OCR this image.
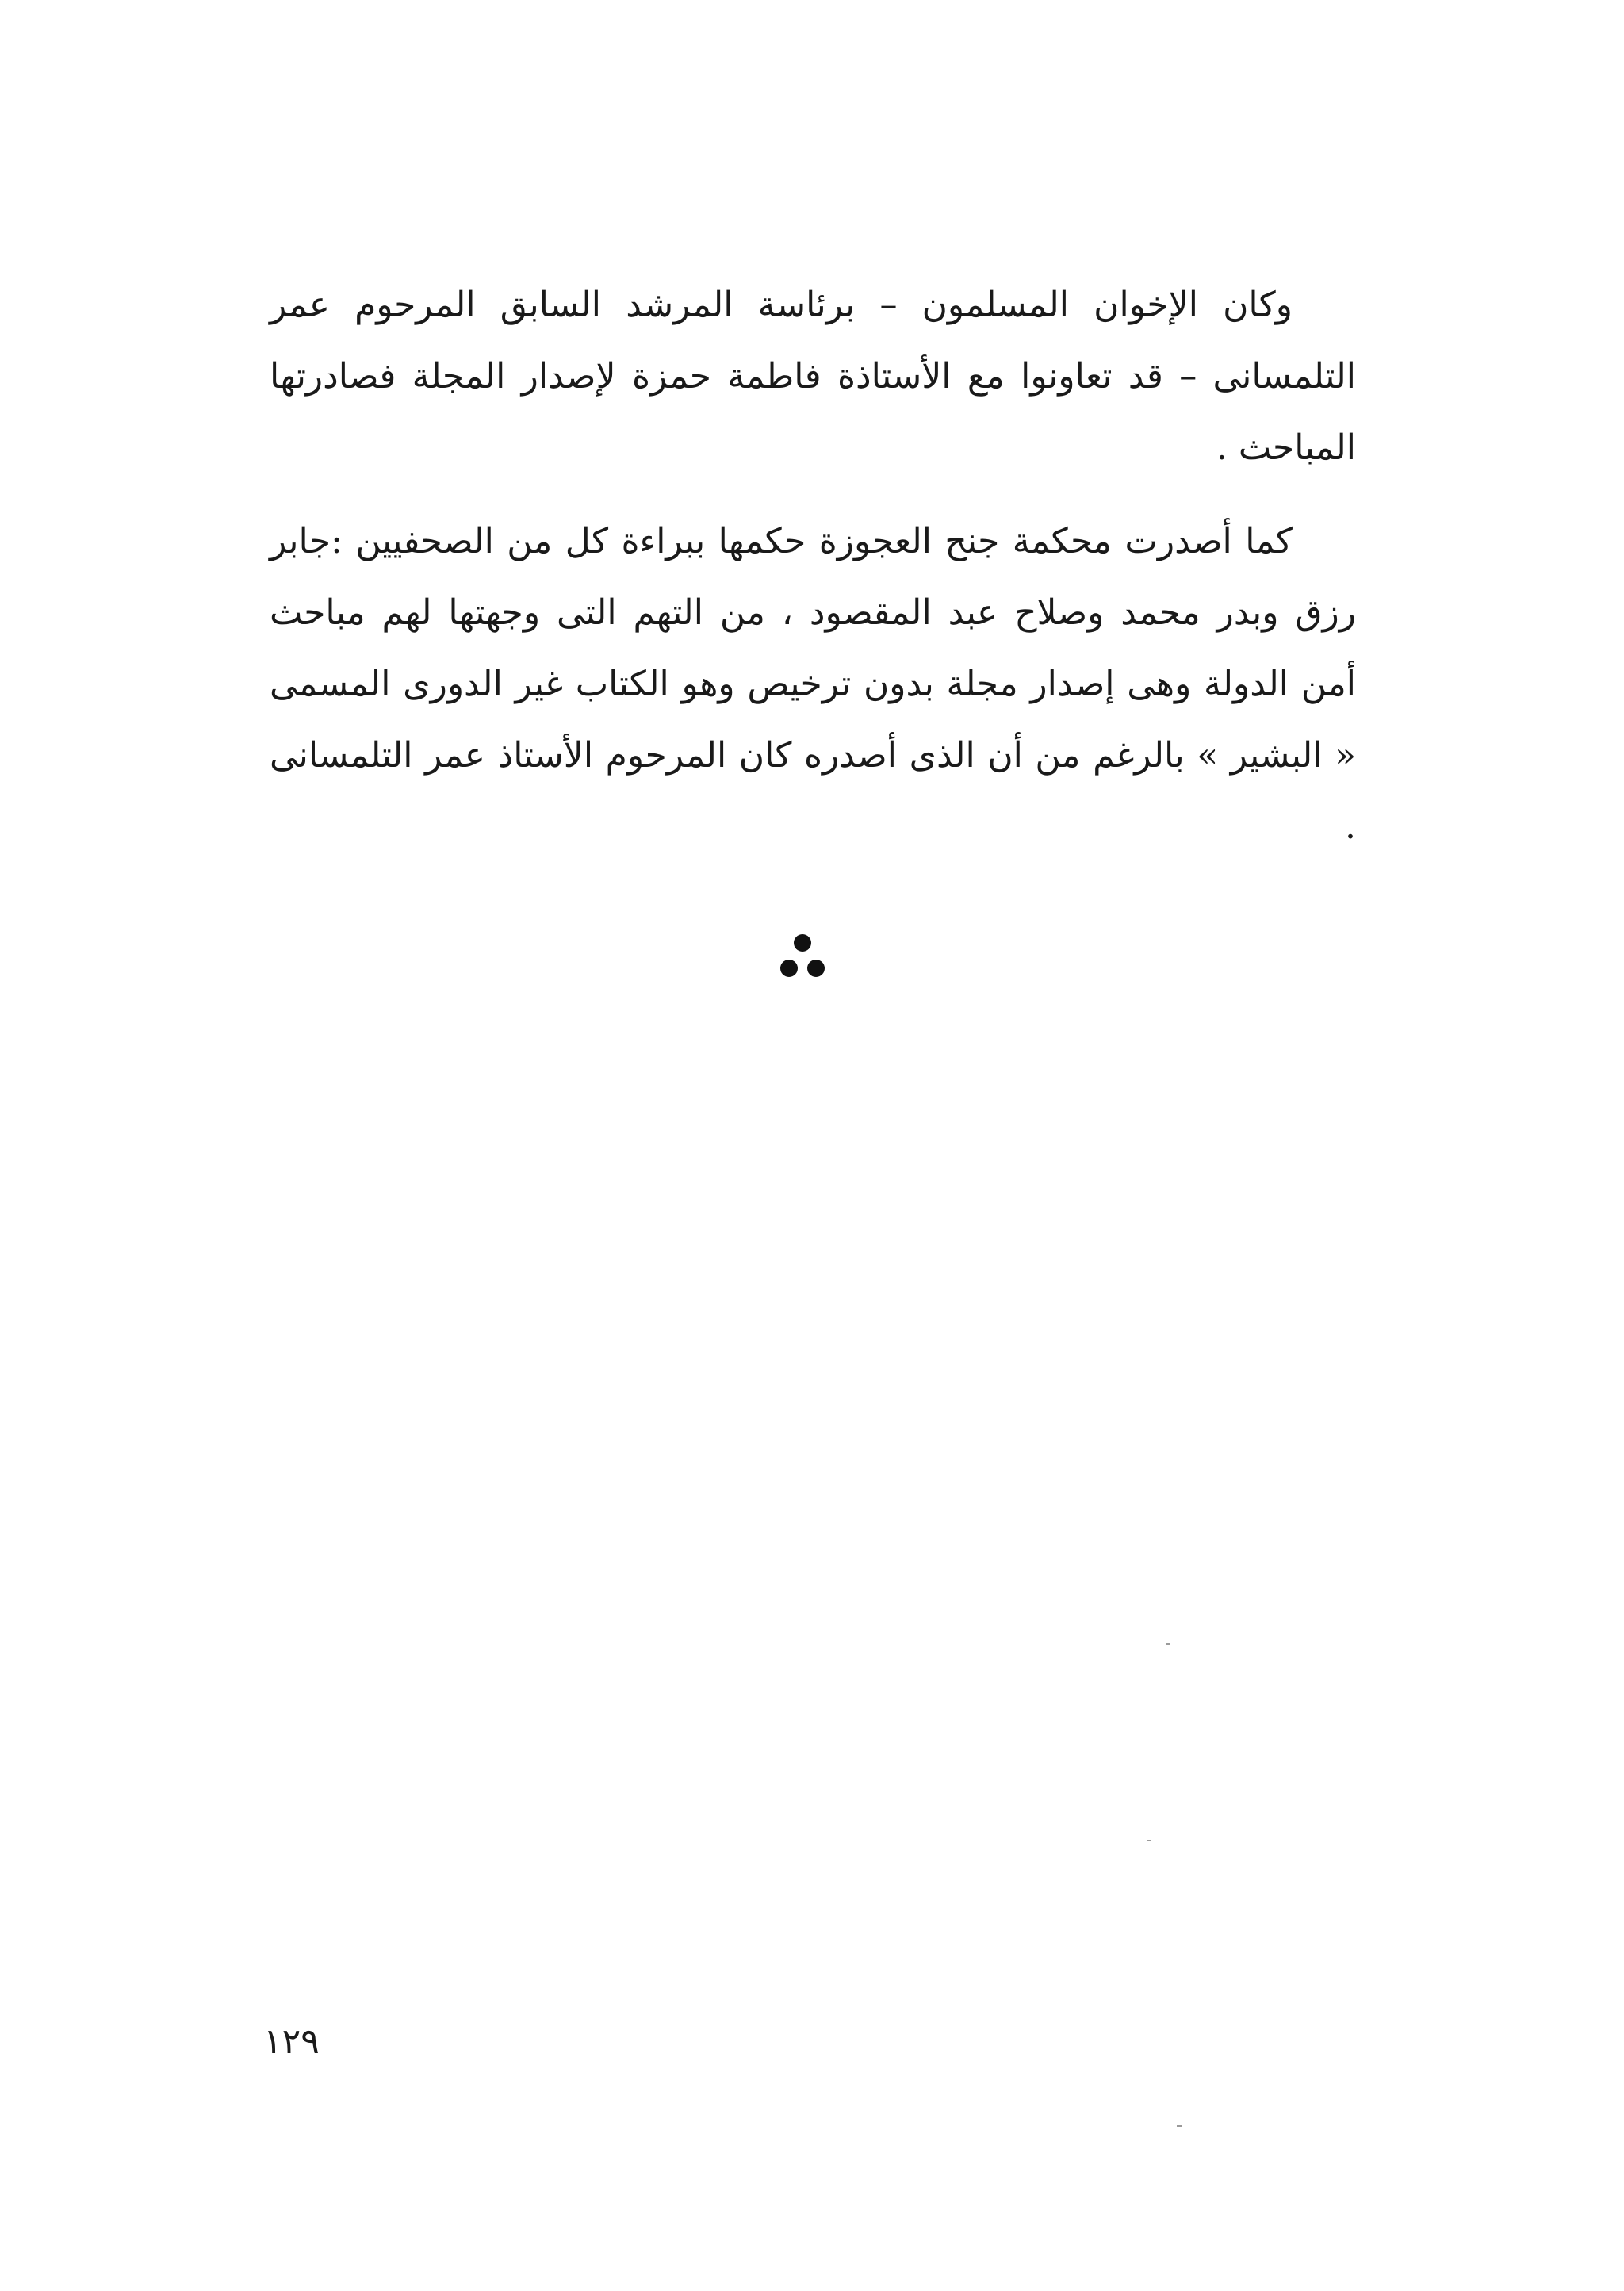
وكان الإخوان المسلمون – برئاسة المرشد السابق المرحوم عمر التلمسانى – قد تعاونوا مع الأستاذة فاطمة حمزة لإصدار المجلة فصادرتها المباحث .

كما أصدرت محكمة جنح العجوزة حكمها ببراءة كل من الصحفيين :جابر رزق وبدر محمد وصلاح عبد المقصود ، من التهم التى وجهتها لهم مباحث أمن الدولة وهى إصدار مجلة بدون ترخيص وهو الكتاب غير الدورى المسمى « البشير » بالرغم من أن الذى أصدره كان المرحوم الأستاذ عمر التلمسانى .

١٢٩
